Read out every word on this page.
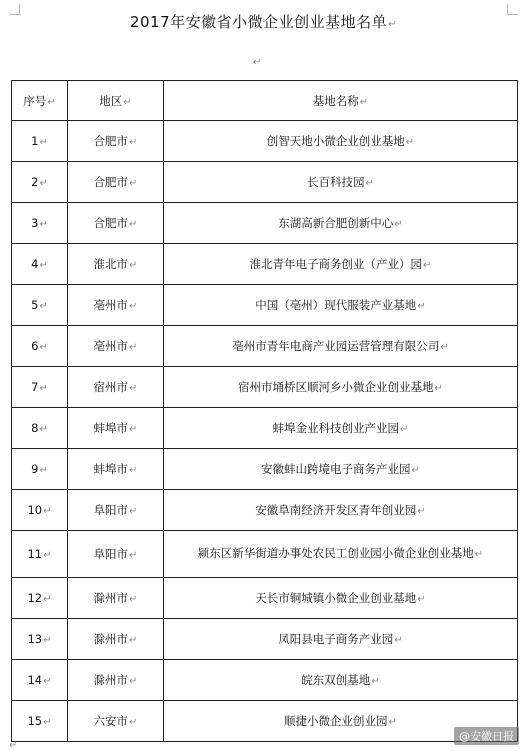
2017年安徽省小微企业创业基地名单↵
↵
序号↵	地区↵	基地名称↵
1↵	合肥市↵	创智天地小微企业创业基地↵
2↵	合肥市↵	长百科技园↵
3↵	合肥市↵	东湖高新合肥创新中心↵
4↵	淮北市↵	淮北青年电子商务创业（产业）园↵
5↵	亳州市↵	中国（亳州）现代服装产业基地↵
6↵	亳州市↵	亳州市青年电商产业园运营管理有限公司↵
7↵	宿州市↵	宿州市埇桥区顺河乡小微企业创业基地↵
8↵	蚌埠市↵	蚌埠金业科技创业产业园↵
9↵	蚌埠市↵	安徽蚌山跨境电子商务产业园↵
10↵	阜阳市↵	安徽阜南经济开发区青年创业园↵
11↵	阜阳市↵	颍东区新华街道办事处农民工创业园小微企业创业基地↵
12↵	滁州市↵	天长市铜城镇小微企业创业基地↵
13↵	滁州市↵	凤阳县电子商务产业园↵
14↵	滁州市↵	皖东双创基地↵
15↵	六安市↵	顺捷小微企业创业园↵
↵
@安徽日报
